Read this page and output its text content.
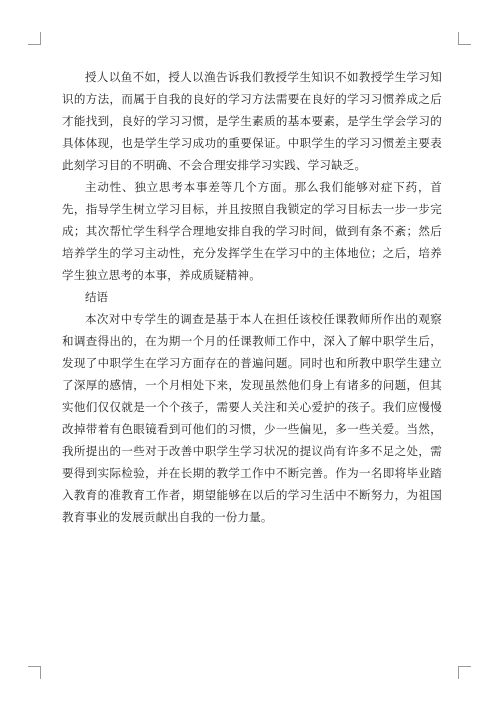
授人以鱼不如，授人以渔告诉我们教授学生知识不如教授学生学习知识的方法，而属于自我的良好的学习方法需要在良好的学习习惯养成之后才能找到，良好的学习习惯，是学生素质的基本要素，是学生学会学习的具体体现，也是学生学习成功的重要保证。中职学生的学习习惯差主要表此刻学习目的不明确、不会合理安排学习实践、学习缺乏。

主动性、独立思考本事差等几个方面。那么我们能够对症下药，首先，指导学生树立学习目标，并且按照自我锁定的学习目标去一步一步完成；其次帮忙学生科学合理地安排自我的学习时间，做到有条不紊；然后培养学生的学习主动性，充分发挥学生在学习中的主体地位；之后，培养学生独立思考的本事，养成质疑精神。

结语

本次对中专学生的调查是基于本人在担任该校任课教师所作出的观察和调查得出的，在为期一个月的任课教师工作中，深入了解中职学生后，发现了中职学生在学习方面存在的普遍问题。同时也和所教中职学生建立了深厚的感情，一个月相处下来，发现虽然他们身上有诸多的问题，但其实他们仅仅就是一个个孩子，需要人关注和关心爱护的孩子。我们应慢慢改掉带着有色眼镜看到可他们的习惯，少一些偏见，多一些关爱。当然，我所提出的一些对于改善中职学生学习状况的提议尚有许多不足之处，需要得到实际检验，并在长期的教学工作中不断完善。作为一名即将毕业踏入教育的准教育工作者，期望能够在以后的学习生活中不断努力，为祖国教育事业的发展贡献出自我的一份力量。
